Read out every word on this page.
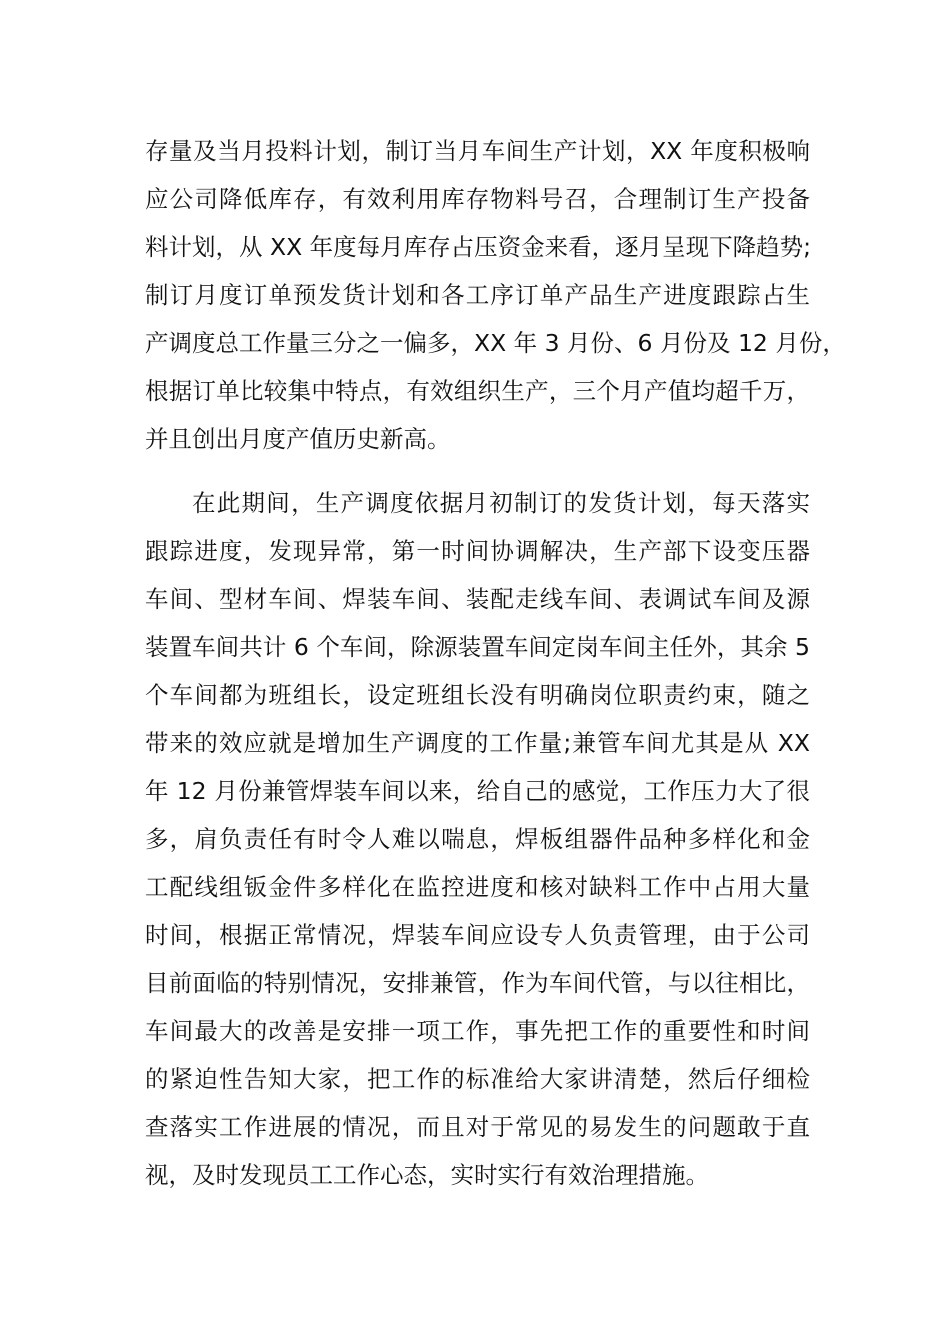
存量及当月投料计划，制订当月车间生产计划，XX 年度积极响
应公司降低库存，有效利用库存物料号召，合理制订生产投备
料计划，从 XX 年度每月库存占压资金来看，逐月呈现下降趋势;
制订月度订单预发货计划和各工序订单产品生产进度跟踪占生
产调度总工作量三分之一偏多，XX 年 3 月份、6 月份及 12 月份，
根据订单比较集中特点，有效组织生产，三个月产值均超千万，
并且创出月度产值历史新高。
在此期间，生产调度依据月初制订的发货计划，每天落实
跟踪进度，发现异常，第一时间协调解决，生产部下设变压器
车间、型材车间、焊装车间、装配走线车间、表调试车间及源
装置车间共计 6 个车间，除源装置车间定岗车间主任外，其余 5
个车间都为班组长，设定班组长没有明确岗位职责约束，随之
带来的效应就是增加生产调度的工作量;兼管车间尤其是从 XX
年 12 月份兼管焊装车间以来，给自己的感觉，工作压力大了很
多，肩负责任有时令人难以喘息，焊板组器件品种多样化和金
工配线组钣金件多样化在监控进度和核对缺料工作中占用大量
时间，根据正常情况，焊装车间应设专人负责管理，由于公司
目前面临的特别情况，安排兼管，作为车间代管，与以往相比，
车间最大的改善是安排一项工作，事先把工作的重要性和时间
的紧迫性告知大家，把工作的标准给大家讲清楚，然后仔细检
查落实工作进展的情况，而且对于常见的易发生的问题敢于直
视，及时发现员工工作心态，实时实行有效治理措施。
